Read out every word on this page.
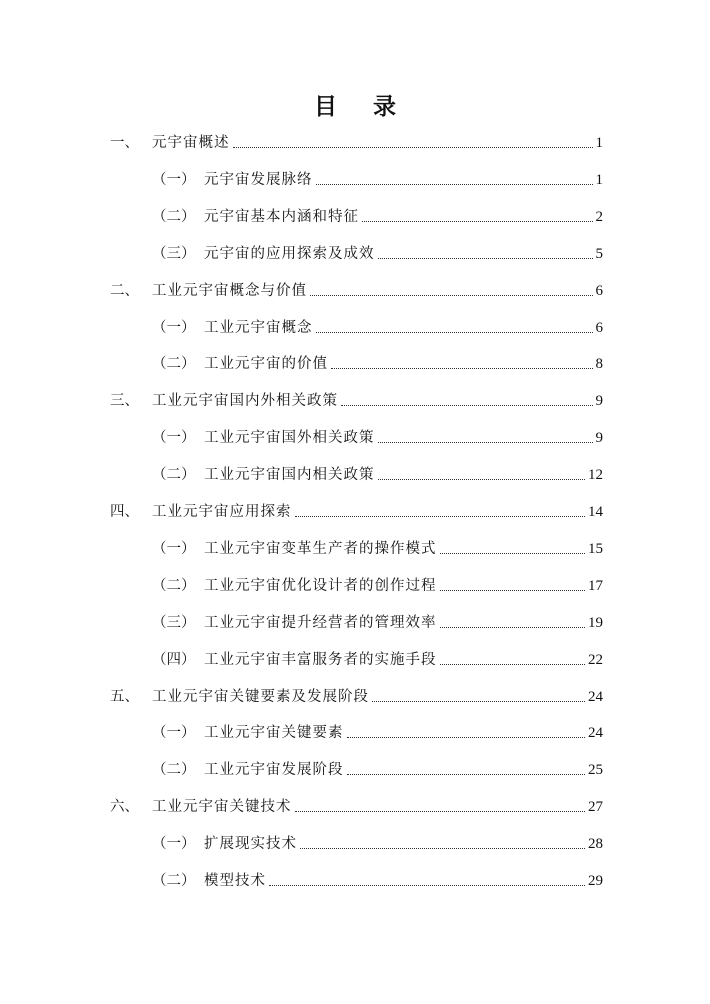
目 录
一、 元宇宙概述	1
（一） 元宇宙发展脉络	1
（二） 元宇宙基本内涵和特征	2
（三） 元宇宙的应用探索及成效	5
二、 工业元宇宙概念与价值	6
（一） 工业元宇宙概念	6
（二） 工业元宇宙的价值	8
三、 工业元宇宙国内外相关政策	9
（一） 工业元宇宙国外相关政策	9
（二） 工业元宇宙国内相关政策	12
四、 工业元宇宙应用探索	14
（一） 工业元宇宙变革生产者的操作模式	15
（二） 工业元宇宙优化设计者的创作过程	17
（三） 工业元宇宙提升经营者的管理效率	19
（四） 工业元宇宙丰富服务者的实施手段	22
五、 工业元宇宙关键要素及发展阶段	24
（一） 工业元宇宙关键要素	24
（二） 工业元宇宙发展阶段	25
六、 工业元宇宙关键技术	27
（一） 扩展现实技术	28
（二） 模型技术	29
